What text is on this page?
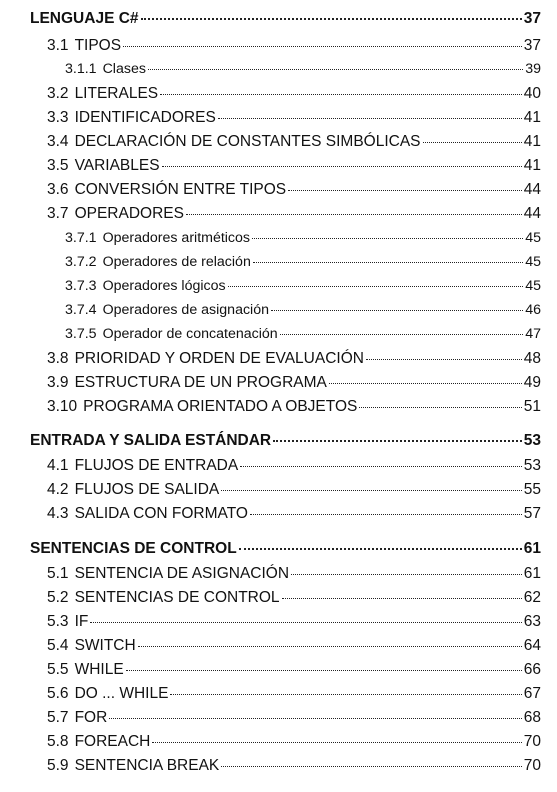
LENGUAJE C#	37
3.1 TIPOS	37
3.1.1 Clases	39
3.2 LITERALES	40
3.3 IDENTIFICADORES	41
3.4 DECLARACIÓN DE CONSTANTES SIMBÓLICAS	41
3.5 VARIABLES	41
3.6 CONVERSIÓN ENTRE TIPOS	44
3.7 OPERADORES	44
3.7.1 Operadores aritméticos	45
3.7.2 Operadores de relación	45
3.7.3 Operadores lógicos	45
3.7.4 Operadores de asignación	46
3.7.5 Operador de concatenación	47
3.8 PRIORIDAD Y ORDEN DE EVALUACIÓN	48
3.9 ESTRUCTURA DE UN PROGRAMA	49
3.10 PROGRAMA ORIENTADO A OBJETOS	51
ENTRADA Y SALIDA ESTÁNDAR	53
4.1 FLUJOS DE ENTRADA	53
4.2 FLUJOS DE SALIDA	55
4.3 SALIDA CON FORMATO	57
SENTENCIAS DE CONTROL	61
5.1 SENTENCIA DE ASIGNACIÓN	61
5.2 SENTENCIAS DE CONTROL	62
5.3 IF	63
5.4 SWITCH	64
5.5 WHILE	66
5.6 DO ... WHILE	67
5.7 FOR	68
5.8 FOREACH	70
5.9 SENTENCIA BREAK	70
